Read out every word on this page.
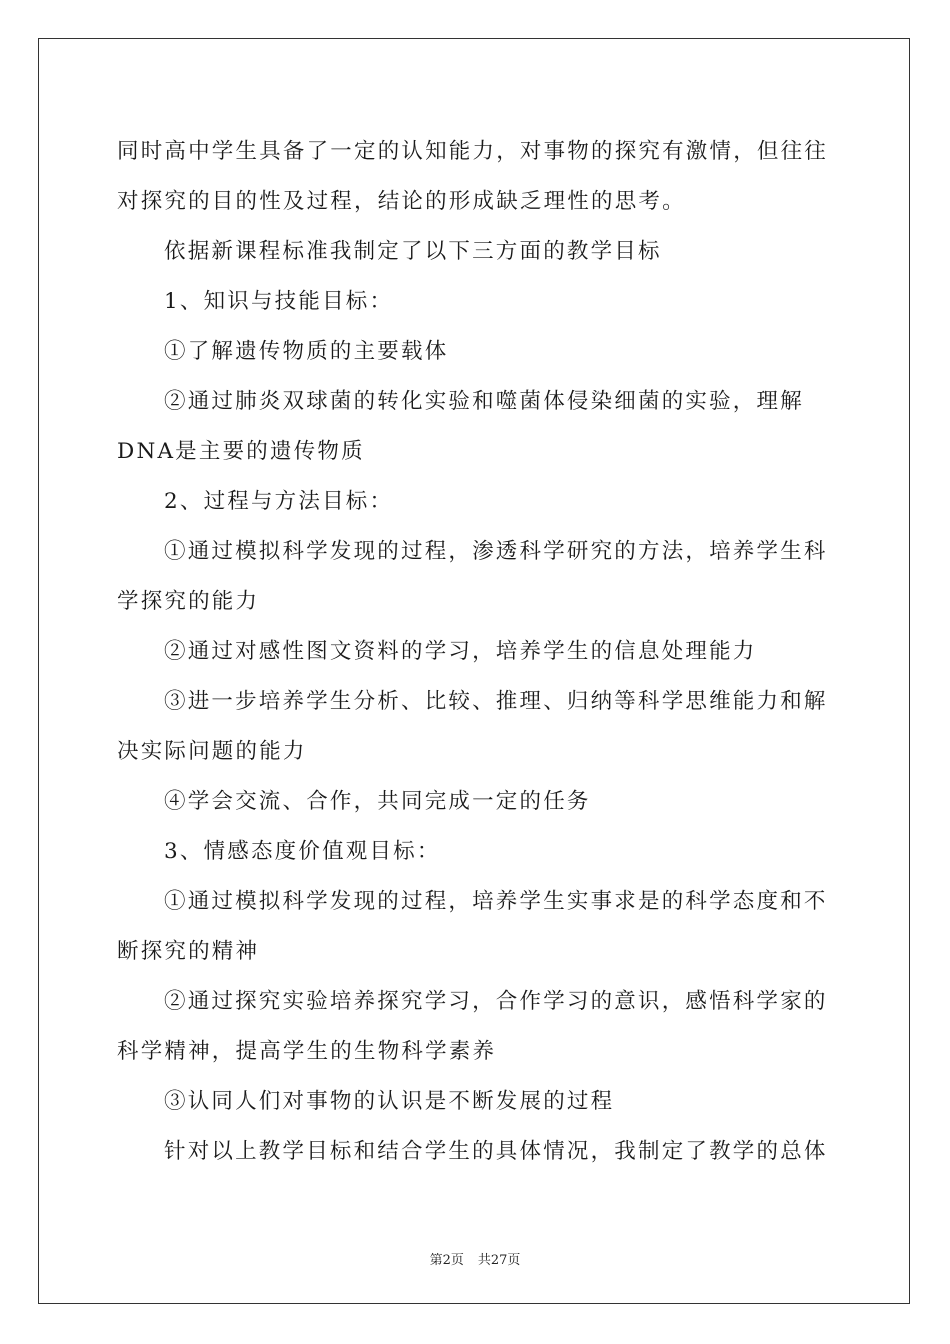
同时高中学生具备了一定的认知能力，对事物的探究有激情，但往往
对探究的目的性及过程，结论的形成缺乏理性的思考。
依据新课程标准我制定了以下三方面的教学目标
1、知识与技能目标：
①了解遗传物质的主要载体
②通过肺炎双球菌的转化实验和噬菌体侵染细菌的实验，理解
DNA是主要的遗传物质
2、过程与方法目标：
①通过模拟科学发现的过程，渗透科学研究的方法，培养学生科
学探究的能力
②通过对感性图文资料的学习，培养学生的信息处理能力
③进一步培养学生分析、比较、推理、归纳等科学思维能力和解
决实际问题的能力
④学会交流、合作，共同完成一定的任务
3、情感态度价值观目标：
①通过模拟科学发现的过程，培养学生实事求是的科学态度和不
断探究的精神
②通过探究实验培养探究学习，合作学习的意识，感悟科学家的
科学精神，提高学生的生物科学素养
③认同人们对事物的认识是不断发展的过程
针对以上教学目标和结合学生的具体情况，我制定了教学的总体
第2页 共27页
